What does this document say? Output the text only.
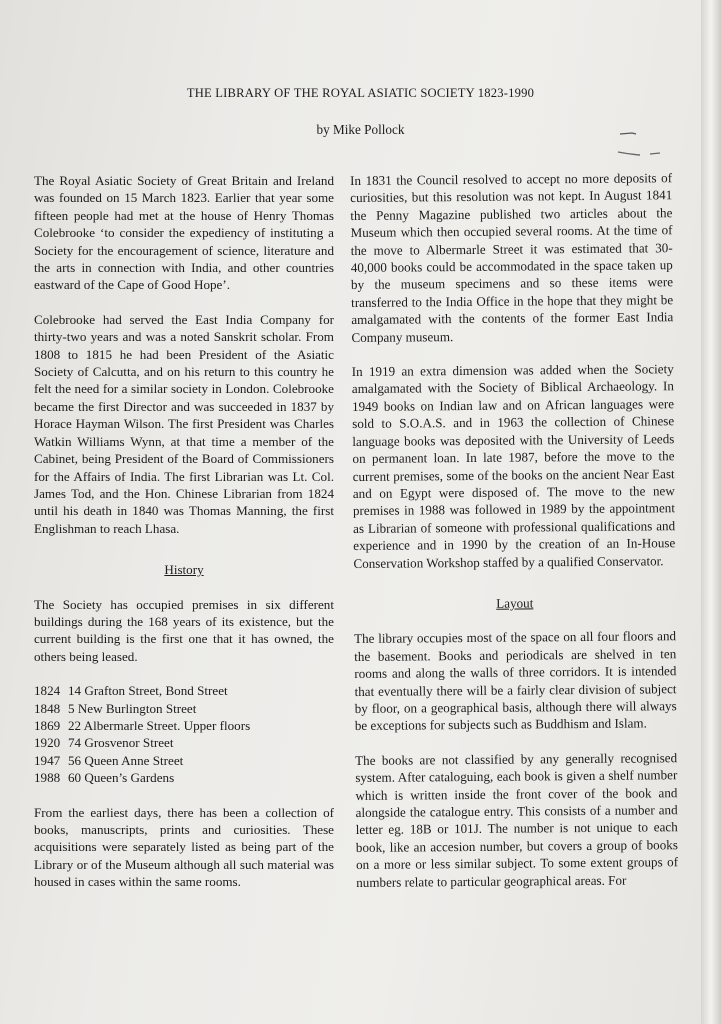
THE LIBRARY OF THE ROYAL ASIATIC SOCIETY 1823-1990
by Mike Pollock

The Royal Asiatic Society of Great Britain and Ireland was founded on 15 March 1823. Earlier that year some fifteen people had met at the house of Henry Thomas Colebrooke ‘to consider the expediency of instituting a Society for the encouragement of science, literature and the arts in connection with India, and other countries eastward of the Cape of Good Hope’.

Colebrooke had served the East India Company for thirty-two years and was a noted Sanskrit scholar. From 1808 to 1815 he had been President of the Asiatic Society of Calcutta, and on his return to this country he felt the need for a similar society in London. Colebrooke became the first Director and was succeeded in 1837 by Horace Hayman Wilson. The first President was Charles Watkin Williams Wynn, at that time a member of the Cabinet, being President of the Board of Commissioners for the Affairs of India. The first Librarian was Lt. Col. James Tod, and the Hon. Chinese Librarian from 1824 until his death in 1840 was Thomas Manning, the first Englishman to reach Lhasa.

History

The Society has occupied premises in six different buildings during the 168 years of its existence, but the current building is the first one that it has owned, the others being leased.

1824 14 Grafton Street, Bond Street
1848 5 New Burlington Street
1869 22 Albermarle Street. Upper floors
1920 74 Grosvenor Street
1947 56 Queen Anne Street
1988 60 Queen’s Gardens

From the earliest days, there has been a collection of books, manuscripts, prints and curiosities. These acquisitions were separately listed as being part of the Library or of the Museum although all such material was housed in cases within the same rooms.

In 1831 the Council resolved to accept no more deposits of curiosities, but this resolution was not kept. In August 1841 the Penny Magazine published two articles about the Museum which then occupied several rooms. At the time of the move to Albermarle Street it was estimated that 30-40,000 books could be accommodated in the space taken up by the museum specimens and so these items were transferred to the India Office in the hope that they might be amalgamated with the contents of the former East India Company museum.

In 1919 an extra dimension was added when the Society amalgamated with the Society of Biblical Archaeology. In 1949 books on Indian law and on African languages were sold to S.O.A.S. and in 1963 the collection of Chinese language books was deposited with the University of Leeds on permanent loan. In late 1987, before the move to the current premises, some of the books on the ancient Near East and on Egypt were disposed of. The move to the new premises in 1988 was followed in 1989 by the appointment as Librarian of someone with professional qualifications and experience and in 1990 by the creation of an In-House Conservation Workshop staffed by a qualified Conservator.

Layout

The library occupies most of the space on all four floors and the basement. Books and periodicals are shelved in ten rooms and along the walls of three corridors. It is intended that eventually there will be a fairly clear division of subject by floor, on a geographical basis, although there will always be exceptions for subjects such as Buddhism and Islam.

The books are not classified by any generally recognised system. After cataloguing, each book is given a shelf number which is written inside the front cover of the book and alongside the catalogue entry. This consists of a number and letter eg. 18B or 101J. The number is not unique to each book, like an accesion number, but covers a group of books on a more or less similar subject. To some extent groups of numbers relate to particular geographical areas. For
